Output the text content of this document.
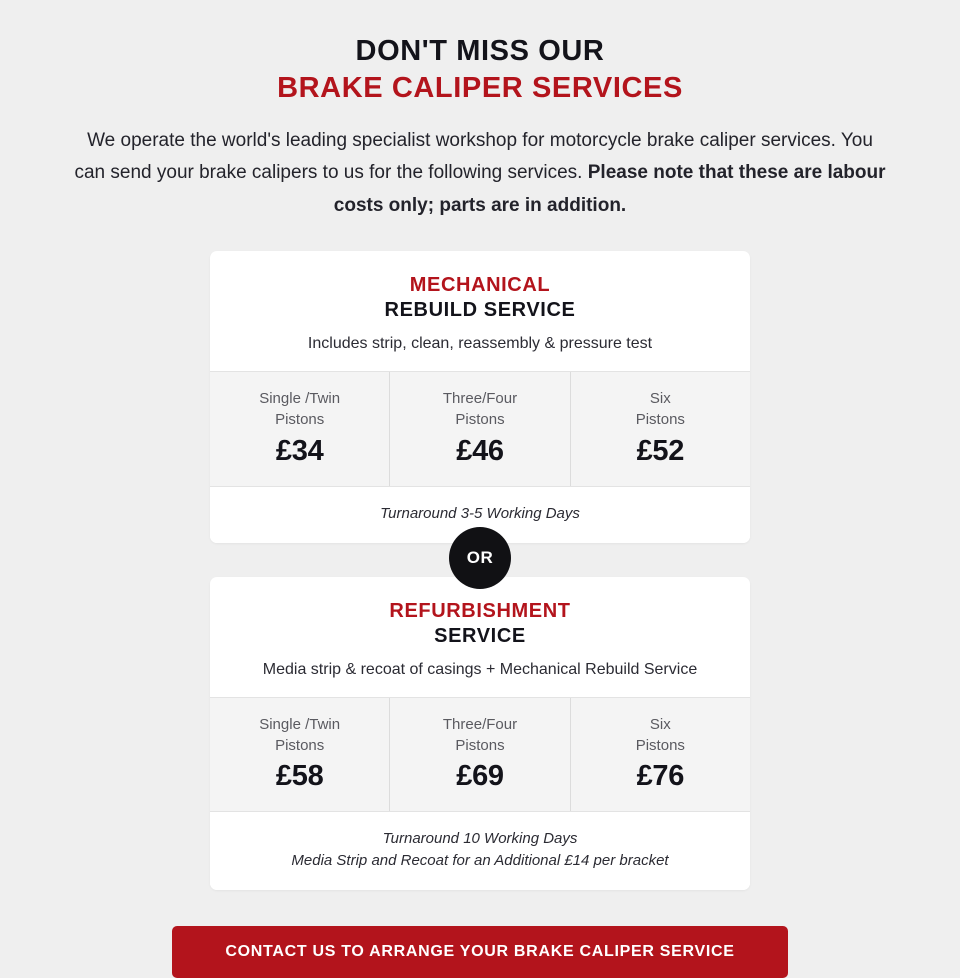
DON'T MISS OUR
BRAKE CALIPER SERVICES

We operate the world's leading specialist workshop for motorcycle brake caliper services. You can send your brake calipers to us for the following services. Please note that these are labour costs only; parts are in addition.

MECHANICAL
REBUILD SERVICE
Includes strip, clean, reassembly & pressure test
Single /Twin
Pistons
£34
Three/Four
Pistons
£46
Six
Pistons
£52
Turnaround 3-5 Working Days
OR
REFURBISHMENT
SERVICE
Media strip & recoat of casings + Mechanical Rebuild Service
Single /Twin
Pistons
£58
Three/Four
Pistons
£69
Six
Pistons
£76
Turnaround 10 Working Days
Media Strip and Recoat for an Additional £14 per bracket
CONTACT US TO ARRANGE YOUR BRAKE CALIPER SERVICE
